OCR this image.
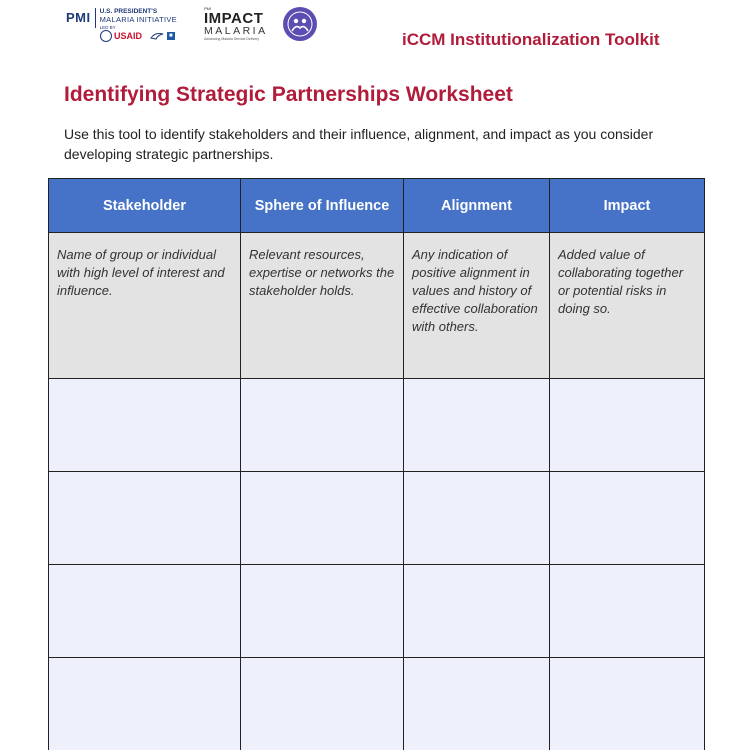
PMI U.S. PRESIDENT'S
MALARIA INITIATIVE
LED BY
USAID	■
PMI
IMPACT
MALARIA
Advancing Malaria Service Delivery	iCCM Institutionalization Toolkit
Identifying Strategic Partnerships Worksheet
Use this tool to identify stakeholders and their influence, alignment, and impact as you consider developing strategic partnerships.
Stakeholder	Sphere of Influence	Alignment	Impact
Name of group or individual with high level of interest and influence.	Relevant resources, expertise or networks the stakeholder holds.	Any indication of positive alignment in values and history of effective collaboration with others.	Added value of collaborating together or potential risks in doing so.
